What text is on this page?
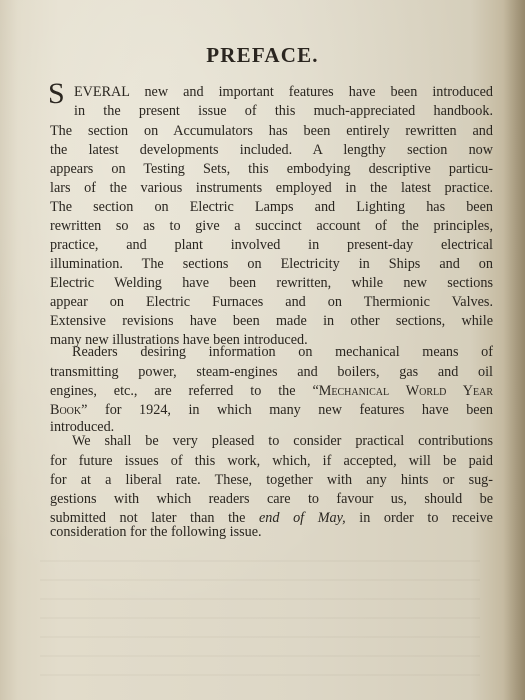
PREFACE.
S EVERAL new and important features have been introduced
in the present issue of this much-appreciated handbook.
The section on Accumulators has been entirely rewritten and
the latest developments included. A lengthy section now
appears on Testing Sets, this embodying descriptive particu-
lars of the various instruments employed in the latest practice.
The section on Electric Lamps and Lighting has been
rewritten so as to give a succinct account of the principles,
practice, and plant involved in present-day electrical
illumination. The sections on Electricity in Ships and on
Electric Welding have been rewritten, while new sections
appear on Electric Furnaces and on Thermionic Valves.
Extensive revisions have been made in other sections, while
many new illustrations have been introduced.
Readers desiring information on mechanical means of
transmitting power, steam-engines and boilers, gas and oil
engines, etc., are referred to the “Mechanical World Year
Book” for 1924, in which many new features have been
introduced.
We shall be very pleased to consider practical contributions
for future issues of this work, which, if accepted, will be paid
for at a liberal rate. These, together with any hints or sug-
gestions with which readers care to favour us, should be
submitted not later than the end of May, in order to receive
consideration for the following issue.
